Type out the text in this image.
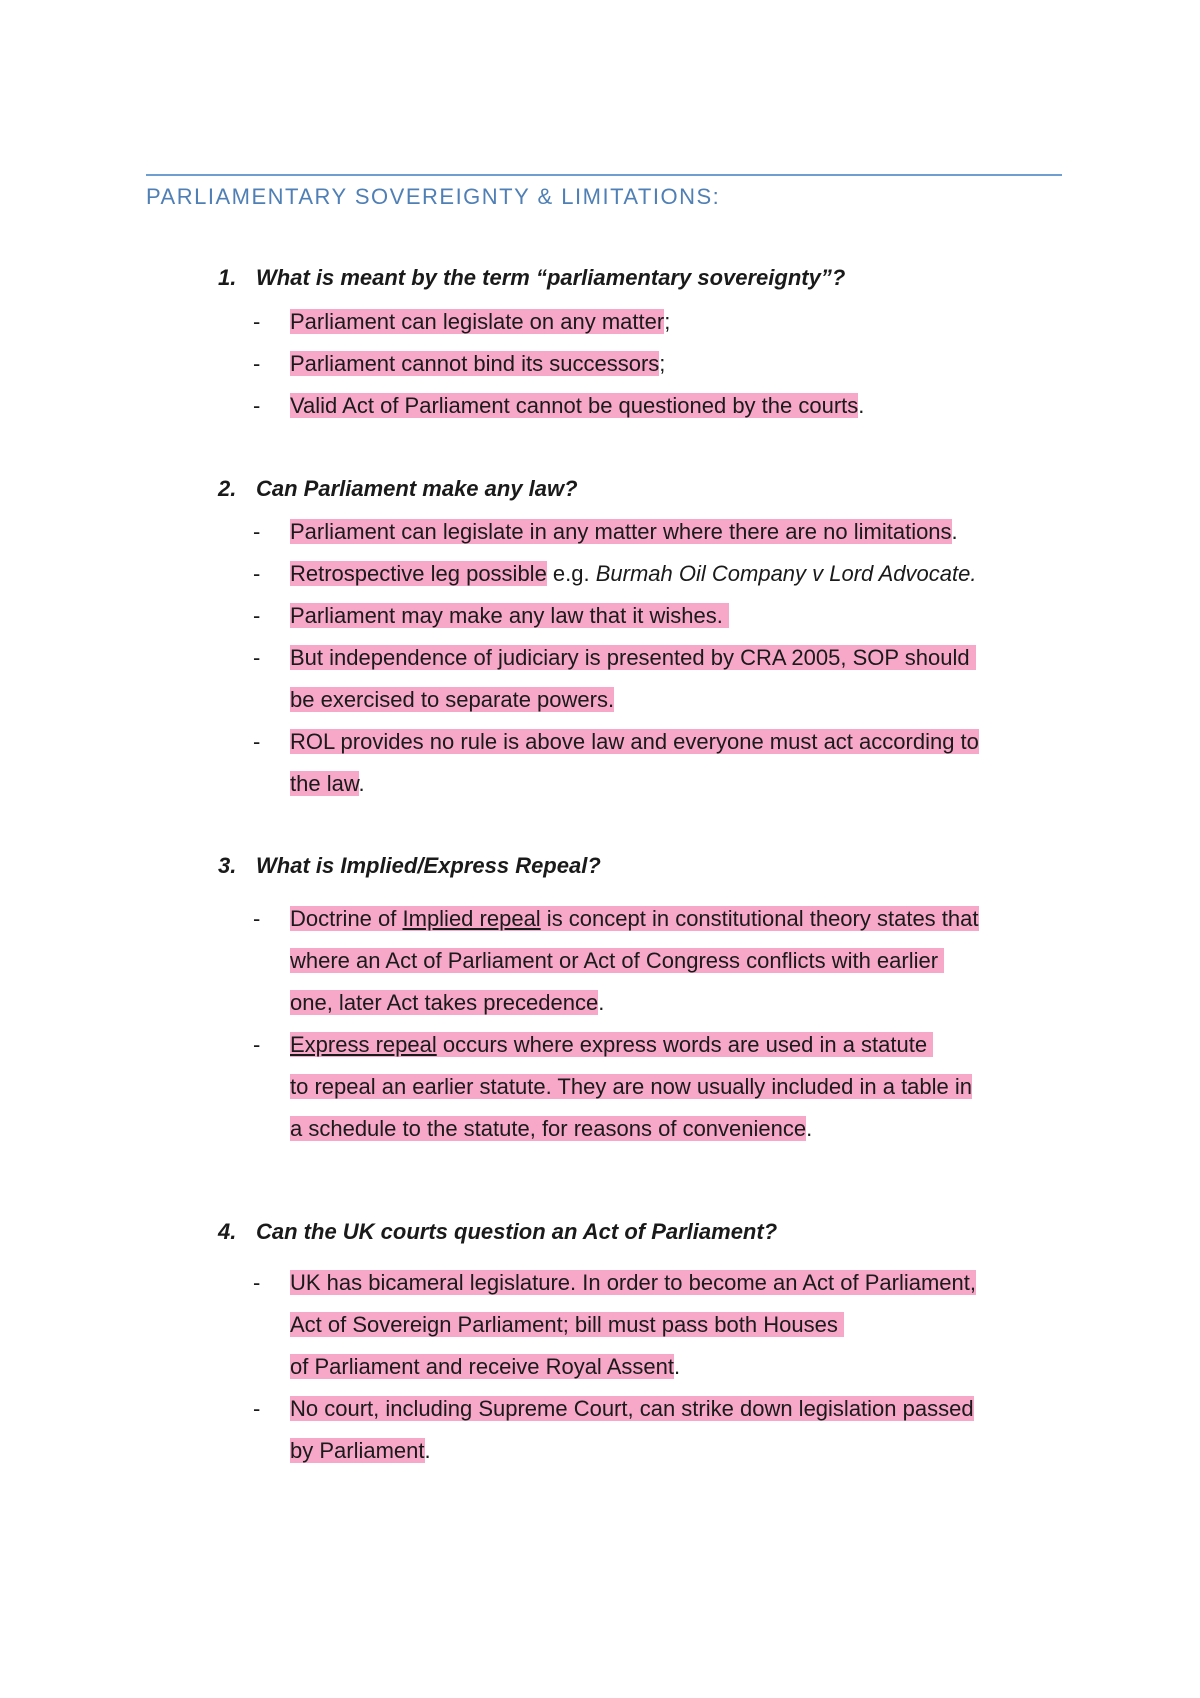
PARLIAMENTARY SOVEREIGNTY & LIMITATIONS:
1. What is meant by the term “parliamentary sovereignty”?
- Parliament can legislate on any matter;
- Parliament cannot bind its successors;
- Valid Act of Parliament cannot be questioned by the courts.
2. Can Parliament make any law?
- Parliament can legislate in any matter where there are no limitations.
- Retrospective leg possible e.g. Burmah Oil Company v Lord Advocate.
- Parliament may make any law that it wishes.
- But independence of judiciary is presented by CRA 2005, SOP should
be exercised to separate powers.
- ROL provides no rule is above law and everyone must act according to
the law.
3. What is Implied/Express Repeal?
- Doctrine of Implied repeal is concept in constitutional theory states that
where an Act of Parliament or Act of Congress conflicts with earlier
one, later Act takes precedence.
- Express repeal occurs where express words are used in a statute
to repeal an earlier statute. They are now usually included in a table in
a schedule to the statute, for reasons of convenience.
4. Can the UK courts question an Act of Parliament?
- UK has bicameral legislature. In order to become an Act of Parliament,
Act of Sovereign Parliament; bill must pass both Houses
of Parliament and receive Royal Assent.
- No court, including Supreme Court, can strike down legislation passed
by Parliament.
